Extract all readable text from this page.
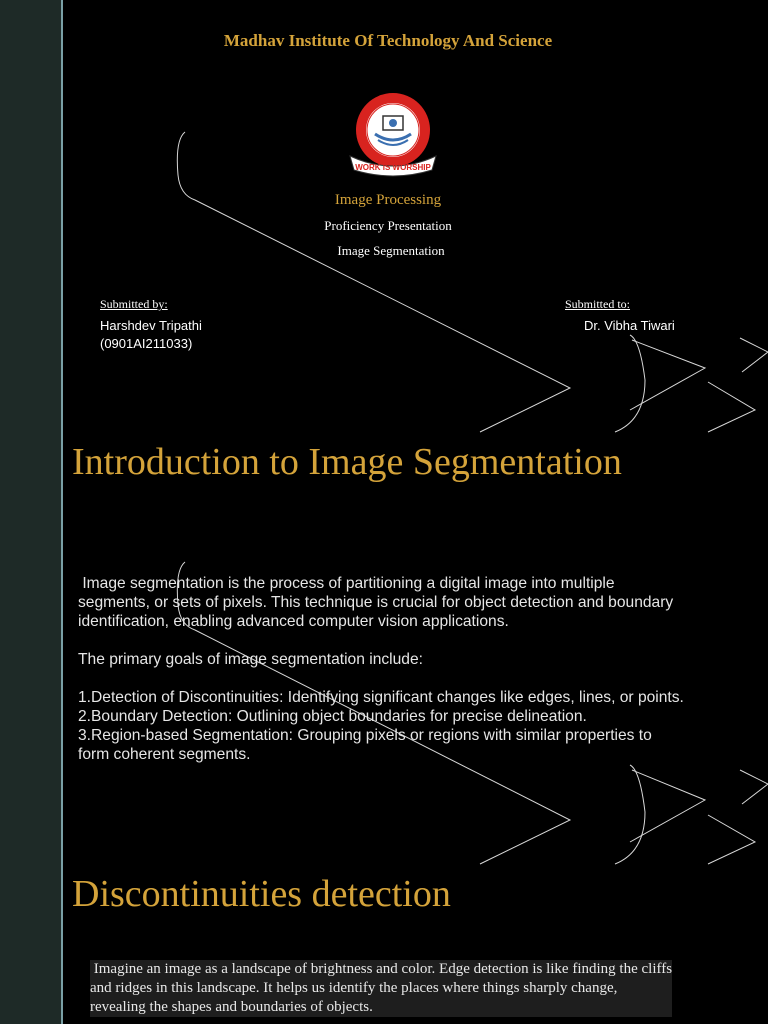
Madhav Institute Of Technology And Science
WORK IS WORSHIP
Image Processing
Proficiency Presentation
Image Segmentation
Submitted by:
Harshdev Tripathi
(0901AI211033)
Submitted to:
Dr. Vibha Tiwari
Introduction to Image Segmentation

Image segmentation is the process of partitioning a digital image into multiple

segments, or sets of pixels. This technique is crucial for object detection and boundary

identification, enabling advanced computer vision applications.

The primary goals of image segmentation include:

1.Detection of Discontinuities: Identifying significant changes like edges, lines, or points.

2.Boundary Detection: Outlining object boundaries for precise delineation.

3.Region-based Segmentation: Grouping pixels or regions with similar properties to

form coherent segments.

Discontinuities detection
Imagine an image as a landscape of brightness and color. Edge detection is like finding the cliffs
and ridges in this landscape. It helps us identify the places where things sharply change,
revealing the shapes and boundaries of objects.
